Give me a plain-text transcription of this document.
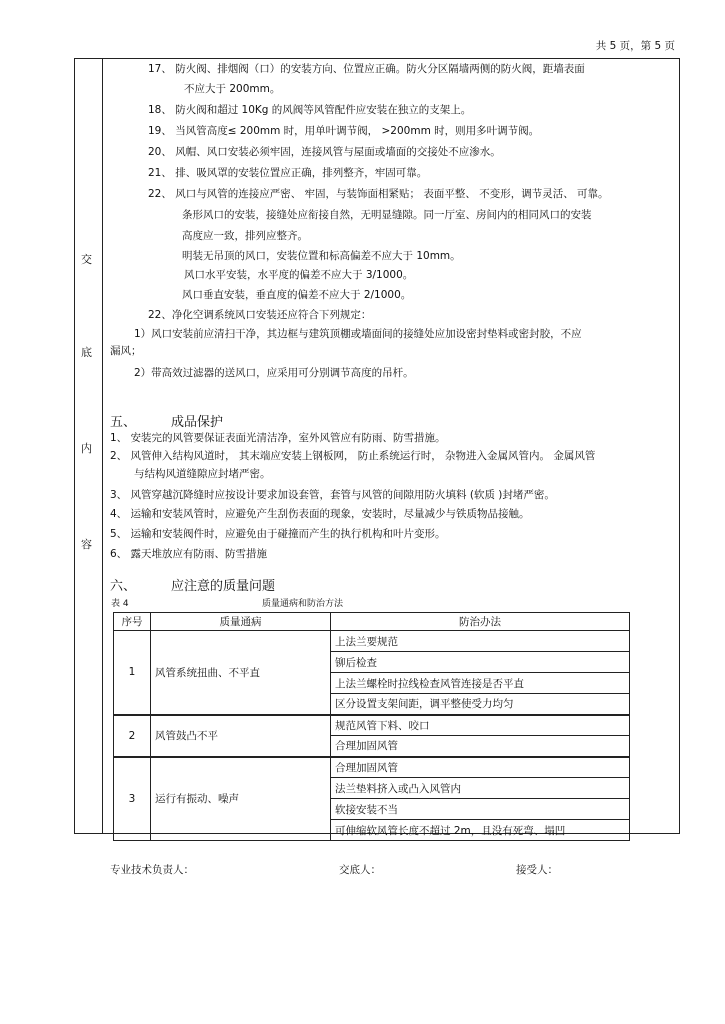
共 5 页，第 5 页
交
底
内
容
17、 防火阀、排烟阀（口）的安装方向、位置应正确。防火分区隔墙两侧的防火阀，距墙表面
不应大于 200mm。
18、 防火阀和超过 10Kg 的风阀等风管配件应安装在独立的支架上。
19、 当风管高度≤ 200mm 时，用单叶调节阀， >200mm 时，则用多叶调节阀。
20、 风帽、风口安装必须牢固，连接风管与屋面或墙面的交接处不应渗水。
21、 排、吸风罩的安装位置应正确，排列整齐，牢固可靠。
22、 风口与风管的连接应严密、 牢固，与装饰面相紧贴； 表面平整、 不变形，调节灵活、 可靠。
条形风口的安装，接缝处应衔接自然，无明显缝隙。同一厅室、房间内的相同风口的安装
高度应一致，排列应整齐。
明装无吊顶的风口，安装位置和标高偏差不应大于 10mm。
风口水平安装，水平度的偏差不应大于 3/1000。
风口垂直安装，垂直度的偏差不应大于 2/1000。
22、净化空调系统风口安装还应符合下列规定：
1）风口安装前应清扫干净，其边框与建筑顶棚或墙面间的接缝处应加设密封垫料或密封胶，不应
漏风；
2）带高效过滤器的送风口，应采用可分别调节高度的吊杆。
五、	成品保护
1、 安装完的风管要保证表面光清洁净，室外风管应有防雨、防雪措施。
2、 风管伸入结构风道时， 其末端应安装上钢板网， 防止系统运行时， 杂物进入金属风管内。 金属风管
与结构风道缝隙应封堵严密。
3、 风管穿越沉降缝时应按设计要求加设套管，套管与风管的间隙用防火填料 (软质 )封堵严密。
4、 运输和安装风管时，应避免产生刮伤表面的现象，安装时，尽量减少与铁质物品接触。
5、 运输和安装阀件时，应避免由于碰撞而产生的执行机构和叶片变形。
6、 露天堆放应有防雨、防雪措施
六、	应注意的质量问题
表 4	质量通病和防治方法
序号	质量通病	防治办法
1	风管系统扭曲、不平直	上法兰要规范
		铆后检查
		上法兰螺栓时拉线检查风管连接是否平直
		区分设置支架间距，调平整使受力均匀
2	风管鼓凸不平	规范风管下料、咬口
		合理加固风管
3	运行有振动、噪声	合理加固风管
		法兰垫料挤入或凸入风管内
		软接安装不当
		可伸缩软风管长度不超过 2m，且没有死弯、塌凹
专业技术负责人：	交底人：	接受人：
